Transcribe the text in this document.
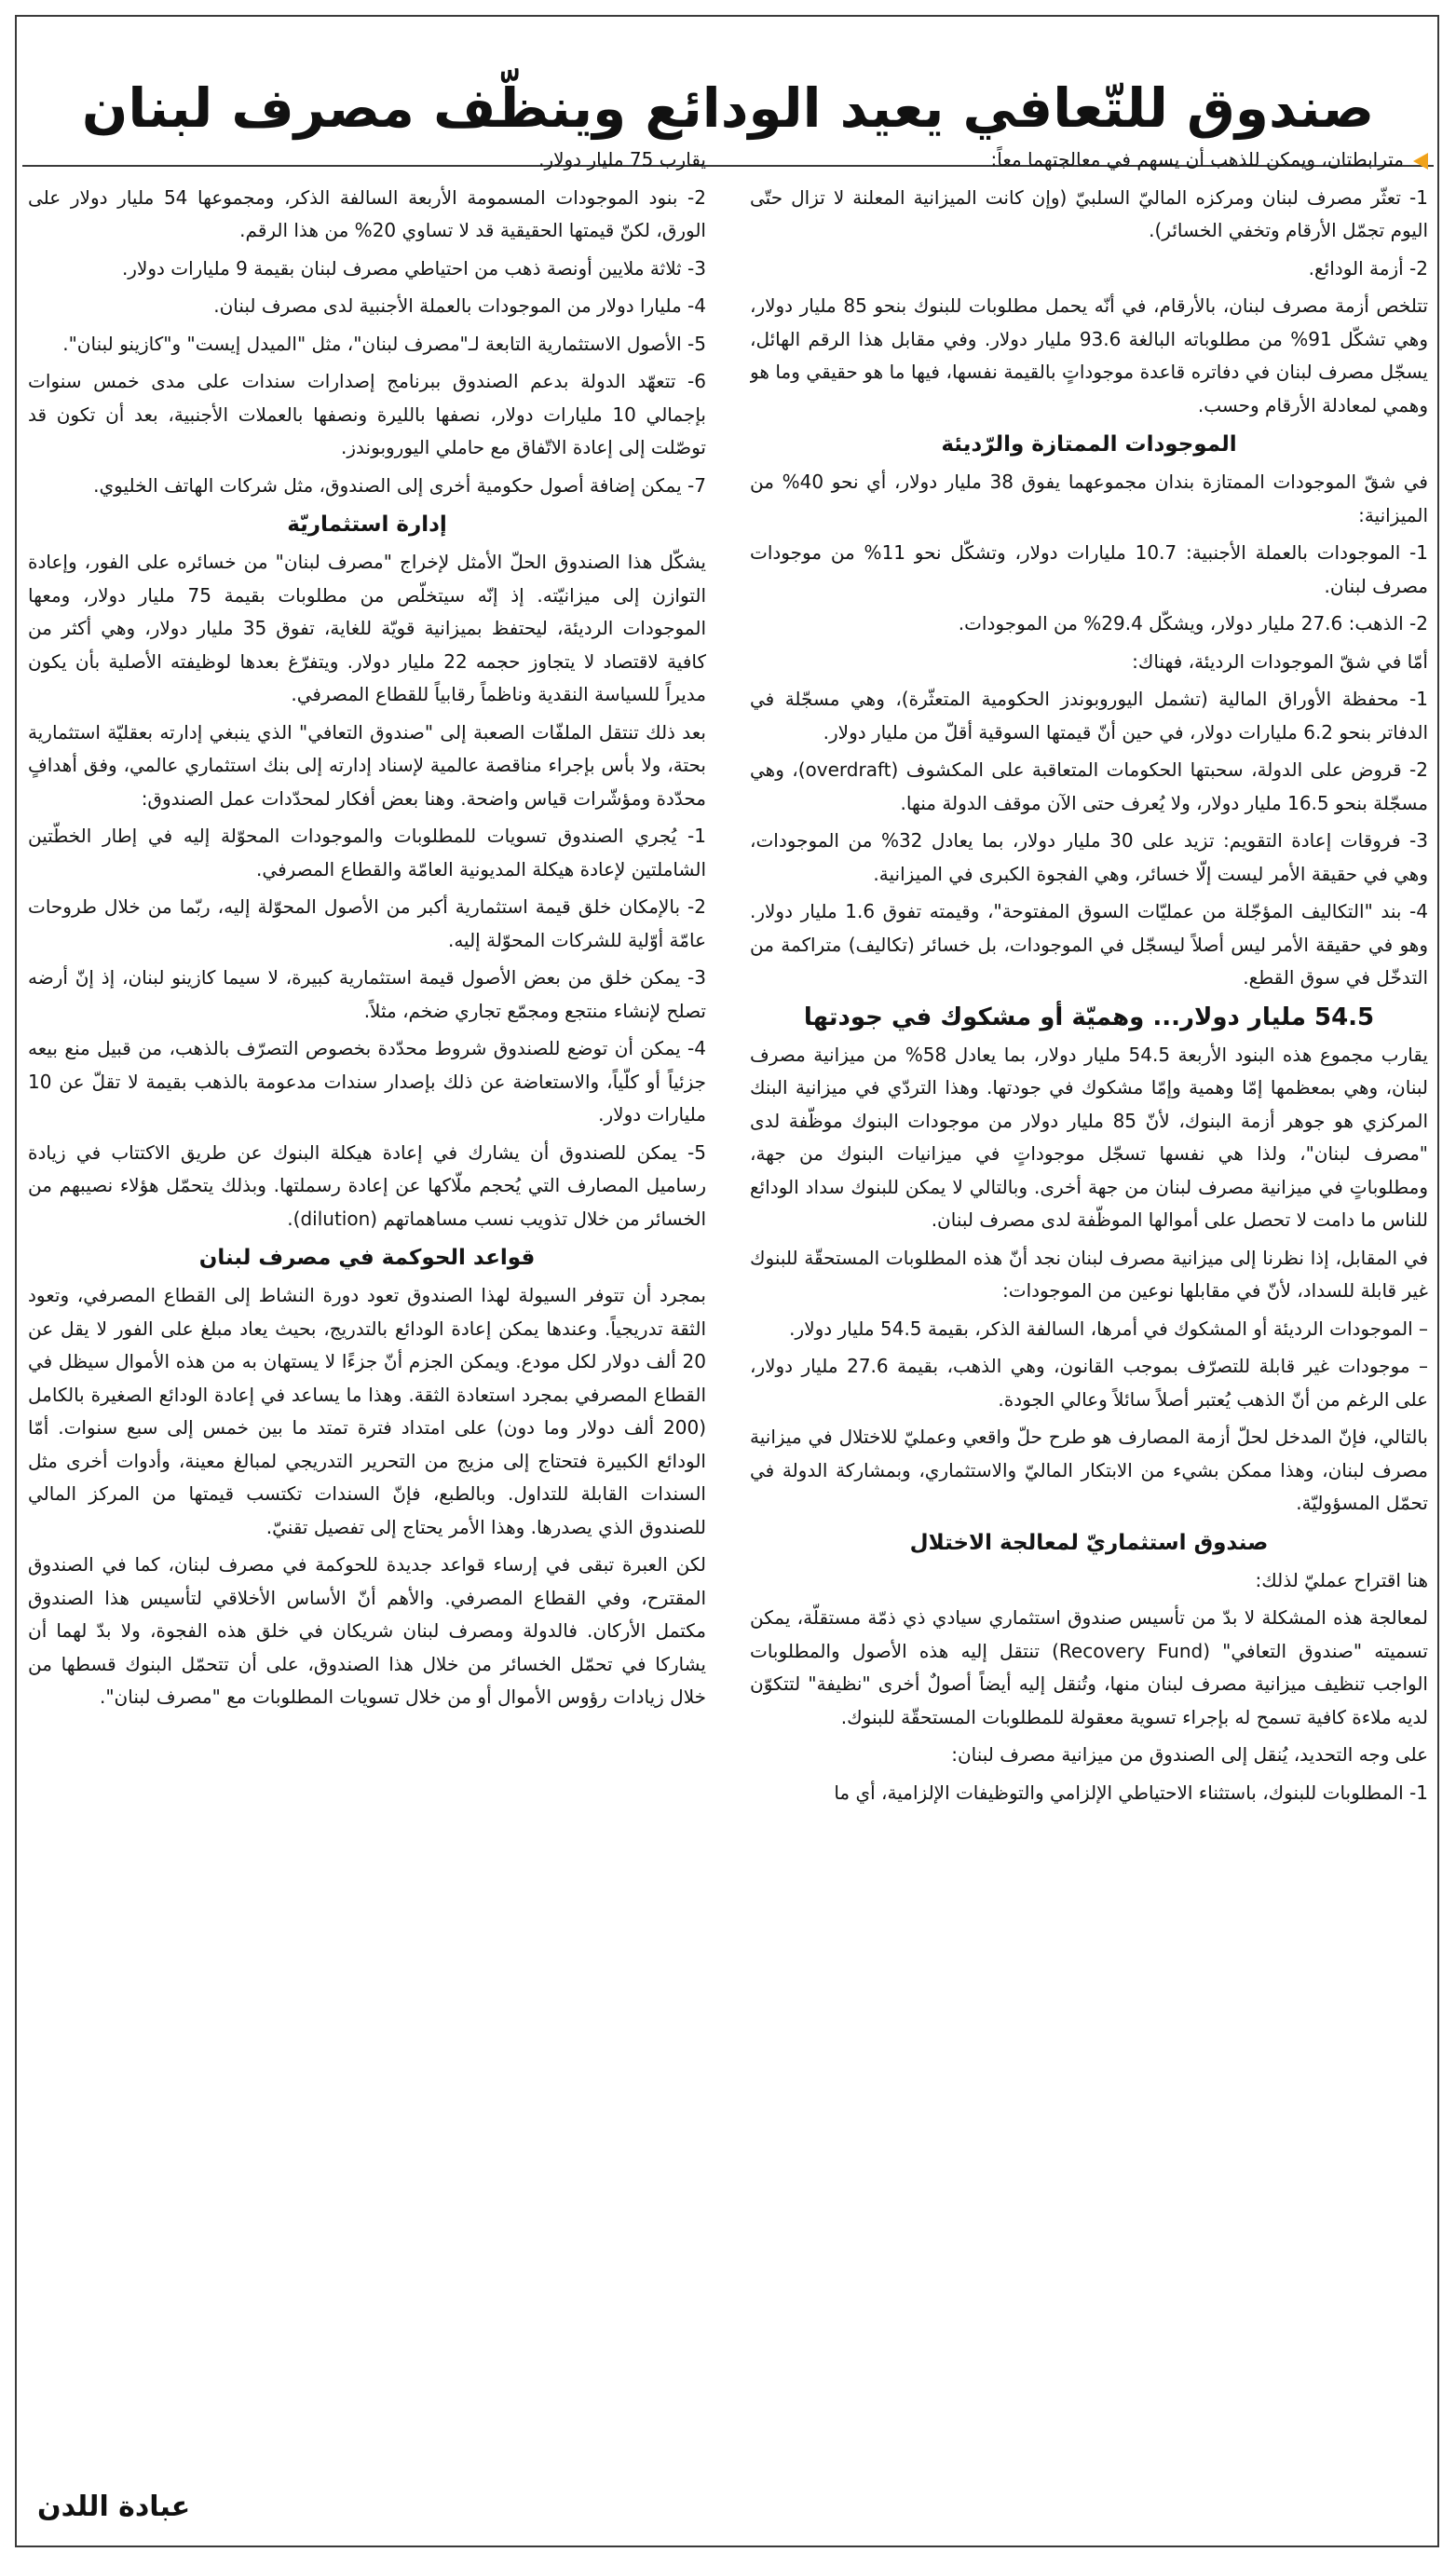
صندوق للتّعافي يعيد الودائع وينظّف مصرف لبنان

مترابطتان، ويمكن للذهب أن يسهم في معالجتهما معاً:

1- تعثّر مصرف لبنان ومركزه الماليّ السلبيّ (وإن كانت الميزانية المعلنة لا تزال حتّى اليوم تجمّل الأرقام وتخفي الخسائر).

2- أزمة الودائع.

تتلخص أزمة مصرف لبنان، بالأرقام، في أنّه يحمل مطلوبات للبنوك بنحو 85 مليار دولار، وهي تشكّل 91% من مطلوباته البالغة 93.6 مليار دولار. وفي مقابل هذا الرقم الهائل، يسجّل مصرف لبنان في دفاتره قاعدة موجوداتٍ بالقيمة نفسها، فيها ما هو حقيقي وما هو وهمي لمعادلة الأرقام وحسب.

الموجودات الممتازة والرّديئة

في شقّ الموجودات الممتازة بندان مجموعهما يفوق 38 مليار دولار، أي نحو 40% من الميزانية:

1- الموجودات بالعملة الأجنبية: 10.7 مليارات دولار، وتشكّل نحو 11% من موجودات مصرف لبنان.

2- الذهب: 27.6 مليار دولار، ويشكّل 29.4% من الموجودات.

أمّا في شقّ الموجودات الرديئة، فهناك:

1- محفظة الأوراق المالية (تشمل اليوروبوندز الحكومية المتعثّرة)، وهي مسجّلة في الدفاتر بنحو 6.2 مليارات دولار، في حين أنّ قيمتها السوقية أقلّ من مليار دولار.

2- قروض على الدولة، سحبتها الحكومات المتعاقبة على المكشوف (overdraft)، وهي مسجّلة بنحو 16.5 مليار دولار، ولا يُعرف حتى الآن موقف الدولة منها.

3- فروقات إعادة التقويم: تزيد على 30 مليار دولار، بما يعادل 32% من الموجودات، وهي في حقيقة الأمر ليست إلّا خسائر، وهي الفجوة الكبرى في الميزانية.

4- بند "التكاليف المؤجّلة من عمليّات السوق المفتوحة"، وقيمته تفوق 1.6 مليار دولار. وهو في حقيقة الأمر ليس أصلاً ليسجّل في الموجودات، بل خسائر (تكاليف) متراكمة من التدخّل في سوق القطع.

54.5 مليار دولار... وهميّة أو مشكوك في جودتها

يقارب مجموع هذه البنود الأربعة 54.5 مليار دولار، بما يعادل 58% من ميزانية مصرف لبنان، وهي بمعظمها إمّا وهمية وإمّا مشكوك في جودتها. وهذا التردّي في ميزانية البنك المركزي هو جوهر أزمة البنوك، لأنّ 85 مليار دولار من موجودات البنوك موظّفة لدى "مصرف لبنان"، ولذا هي نفسها تسجّل موجوداتٍ في ميزانيات البنوك من جهة، ومطلوباتٍ في ميزانية مصرف لبنان من جهة أخرى. وبالتالي لا يمكن للبنوك سداد الودائع للناس ما دامت لا تحصل على أموالها الموظّفة لدى مصرف لبنان.

في المقابل، إذا نظرنا إلى ميزانية مصرف لبنان نجد أنّ هذه المطلوبات المستحقّة للبنوك غير قابلة للسداد، لأنّ في مقابلها نوعين من الموجودات:

– الموجودات الرديئة أو المشكوك في أمرها، السالفة الذكر، بقيمة 54.5 مليار دولار.

– موجودات غير قابلة للتصرّف بموجب القانون، وهي الذهب، بقيمة 27.6 مليار دولار، على الرغم من أنّ الذهب يُعتبر أصلاً سائلاً وعالي الجودة.

بالتالي، فإنّ المدخل لحلّ أزمة المصارف هو طرح حلّ واقعي وعمليّ للاختلال في ميزانية مصرف لبنان، وهذا ممكن بشيء من الابتكار الماليّ والاستثماري، وبمشاركة الدولة في تحمّل المسؤوليّة.

صندوق استثماريّ لمعالجة الاختلال

هنا اقتراح عمليّ لذلك:

لمعالجة هذه المشكلة لا بدّ من تأسيس صندوق استثماري سيادي ذي ذمّة مستقلّة، يمكن تسميته "صندوق التعافي" (Recovery Fund) تنتقل إليه هذه الأصول والمطلوبات الواجب تنظيف ميزانية مصرف لبنان منها، وتُنقل إليه أيضاً أصولٌ أخرى "نظيفة" لتتكوّن لديه ملاءة كافية تسمح له بإجراء تسوية معقولة للمطلوبات المستحقّة للبنوك.

على وجه التحديد، يُنقل إلى الصندوق من ميزانية مصرف لبنان:

1- المطلوبات للبنوك، باستثناء الاحتياطي الإلزامي والتوظيفات الإلزامية، أي ما

يقارب 75 مليار دولار.

2- بنود الموجودات المسمومة الأربعة السالفة الذكر، ومجموعها 54 مليار دولار على الورق، لكنّ قيمتها الحقيقية قد لا تساوي 20% من هذا الرقم.

3- ثلاثة ملايين أونصة ذهب من احتياطي مصرف لبنان بقيمة 9 مليارات دولار.

4- مليارا دولار من الموجودات بالعملة الأجنبية لدى مصرف لبنان.

5- الأصول الاستثمارية التابعة لـ"مصرف لبنان"، مثل "الميدل إيست" و"كازينو لبنان".

6- تتعهّد الدولة بدعم الصندوق ببرنامج إصدارات سندات على مدى خمس سنوات بإجمالي 10 مليارات دولار، نصفها بالليرة ونصفها بالعملات الأجنبية، بعد أن تكون قد توصّلت إلى إعادة الاتّفاق مع حاملي اليوروبوندز.

7- يمكن إضافة أصول حكومية أخرى إلى الصندوق، مثل شركات الهاتف الخليوي.

إدارة استثماريّة

يشكّل هذا الصندوق الحلّ الأمثل لإخراج "مصرف لبنان" من خسائره على الفور، وإعادة التوازن إلى ميزانيّته. إذ إنّه سيتخلّص من مطلوبات بقيمة 75 مليار دولار، ومعها الموجودات الرديئة، ليحتفظ بميزانية قويّة للغاية، تفوق 35 مليار دولار، وهي أكثر من كافية لاقتصاد لا يتجاوز حجمه 22 مليار دولار. ويتفرّغ بعدها لوظيفته الأصلية بأن يكون مديراً للسياسة النقدية وناظماً رقابياً للقطاع المصرفي.

بعد ذلك تنتقل الملفّات الصعبة إلى "صندوق التعافي" الذي ينبغي إدارته بعقليّة استثمارية بحتة، ولا بأس بإجراء مناقصة عالمية لإسناد إدارته إلى بنك استثماري عالمي، وفق أهدافٍ محدّدة ومؤشّرات قياس واضحة. وهنا بعض أفكار لمحدّدات عمل الصندوق:

1- يُجري الصندوق تسويات للمطلوبات والموجودات المحوّلة إليه في إطار الخطّتين الشاملتين لإعادة هيكلة المديونية العامّة والقطاع المصرفي.

2- بالإمكان خلق قيمة استثمارية أكبر من الأصول المحوّلة إليه، ربّما من خلال طروحات عامّة أوّلية للشركات المحوّلة إليه.

3- يمكن خلق من بعض الأصول قيمة استثمارية كبيرة، لا سيما كازينو لبنان، إذ إنّ أرضه تصلح لإنشاء منتجع ومجمّع تجاري ضخم، مثلاً.

4- يمكن أن توضع للصندوق شروط محدّدة بخصوص التصرّف بالذهب، من قبيل منع بيعه جزئياً أو كلّياً، والاستعاضة عن ذلك بإصدار سندات مدعومة بالذهب بقيمة لا تقلّ عن 10 مليارات دولار.

5- يمكن للصندوق أن يشارك في إعادة هيكلة البنوك عن طريق الاكتتاب في زيادة رساميل المصارف التي يُحجم ملّاكها عن إعادة رسملتها. وبذلك يتحمّل هؤلاء نصيبهم من الخسائر من خلال تذويب نسب مساهماتهم (dilution).

قواعد الحوكمة في مصرف لبنان

بمجرد أن تتوفر السيولة لهذا الصندوق تعود دورة النشاط إلى القطاع المصرفي، وتعود الثقة تدريجياً. وعندها يمكن إعادة الودائع بالتدريج، بحيث يعاد مبلغ على الفور لا يقل عن 20 ألف دولار لكل مودع. ويمكن الجزم أنّ جزءًا لا يستهان به من هذه الأموال سيظل في القطاع المصرفي بمجرد استعادة الثقة. وهذا ما يساعد في إعادة الودائع الصغيرة بالكامل (200 ألف دولار وما دون) على امتداد فترة تمتد ما بين خمس إلى سبع سنوات. أمّا الودائع الكبيرة فتحتاج إلى مزيج من التحرير التدريجي لمبالغ معينة، وأدوات أخرى مثل السندات القابلة للتداول. وبالطبع، فإنّ السندات تكتسب قيمتها من المركز المالي للصندوق الذي يصدرها. وهذا الأمر يحتاج إلى تفصيل تقنيّ.

لكن العبرة تبقى في إرساء قواعد جديدة للحوكمة في مصرف لبنان، كما في الصندوق المقترح، وفي القطاع المصرفي. والأهم أنّ الأساس الأخلاقي لتأسيس هذا الصندوق مكتمل الأركان. فالدولة ومصرف لبنان شريكان في خلق هذه الفجوة، ولا بدّ لهما أن يشاركا في تحمّل الخسائر من خلال هذا الصندوق، على أن تتحمّل البنوك قسطها من خلال زيادات رؤوس الأموال أو من خلال تسويات المطلوبات مع "مصرف لبنان".

عبادة اللدن
